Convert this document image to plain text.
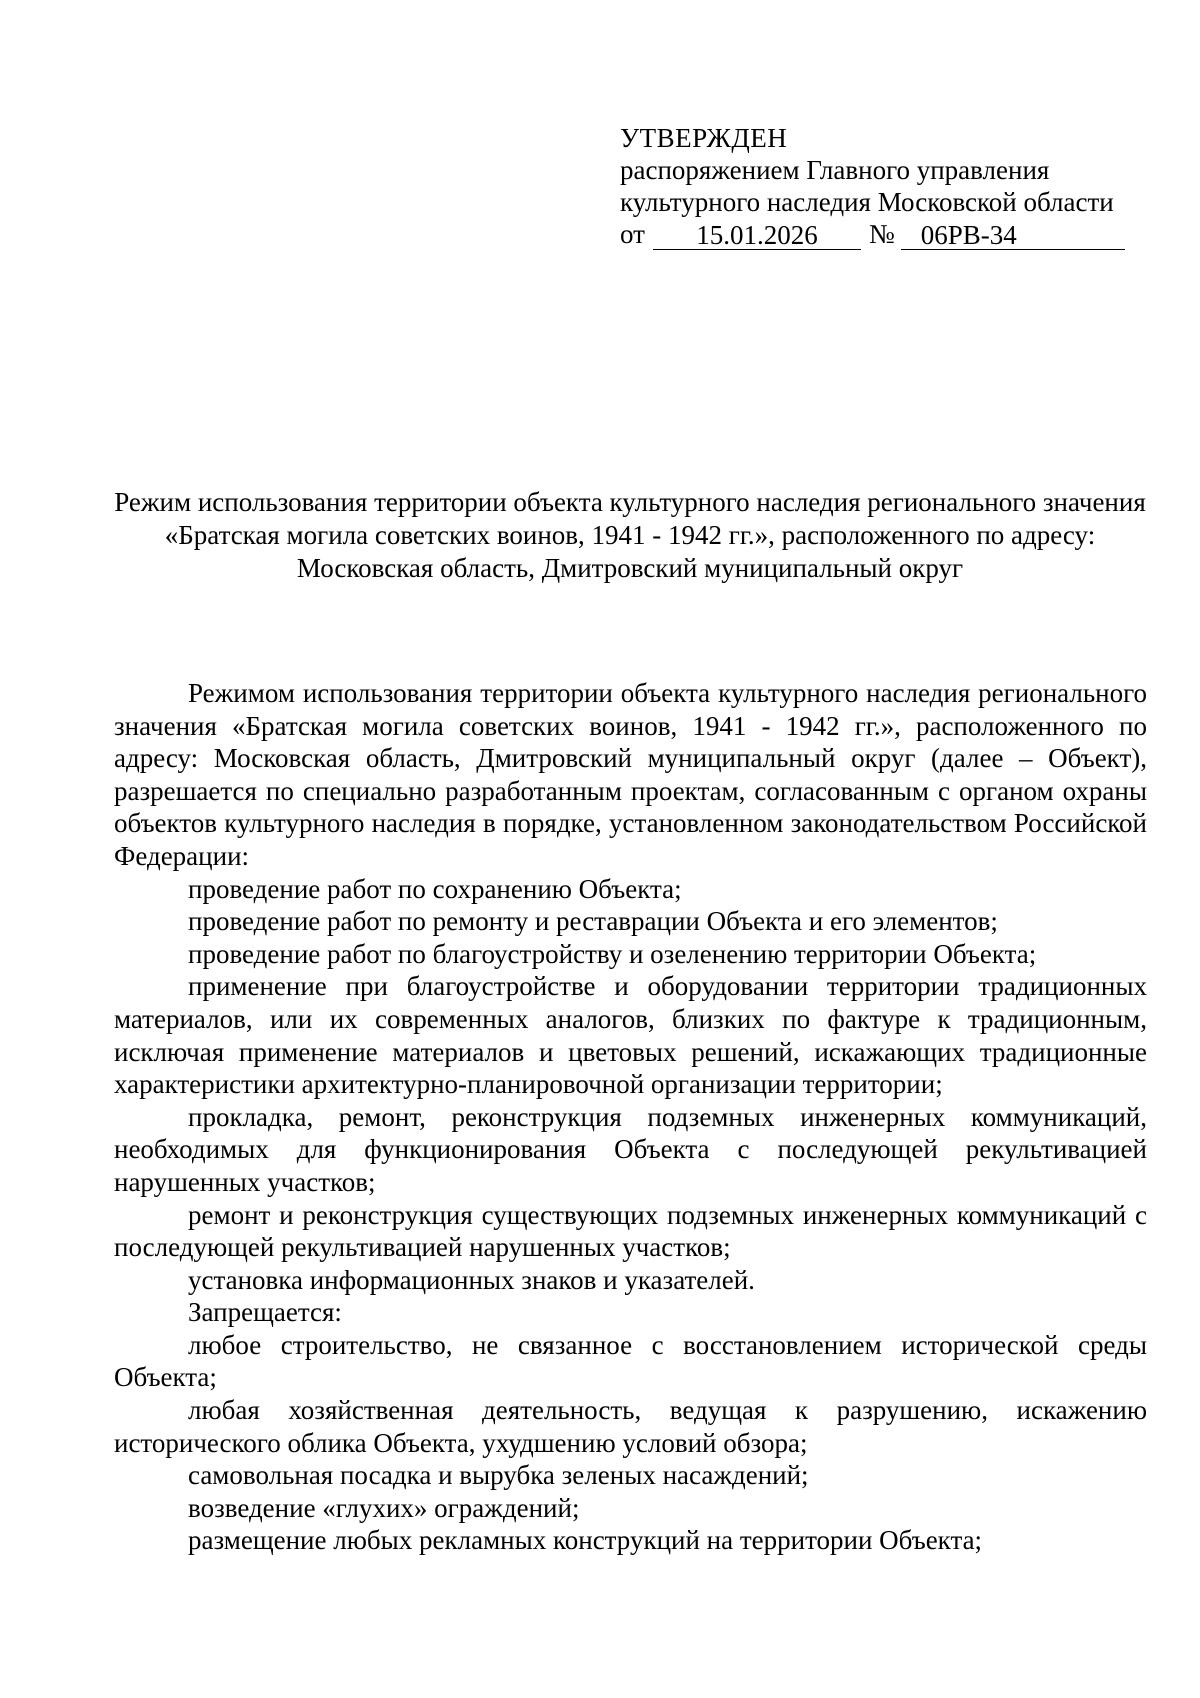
УТВЕРЖДЕН
распоряжением Главного управления
культурного наследия Московской области
от	15.01.2026	№ 06РВ-34
Режим использования территории объекта культурного наследия регионального значения «Братская могила советских воинов, 1941 - 1942 гг.», расположенного по адресу: Московская область, Дмитровский муниципальный округ

Режимом использования территории объекта культурного наследия регионального значения «Братская могила советских воинов, 1941 - 1942 гг.», расположенного по адресу: Московская область, Дмитровский муниципальный округ (далее – Объект), разрешается по специально разработанным проектам, согласованным с органом охраны объектов культурного наследия в порядке, установленном законодательством Российской Федерации:

проведение работ по сохранению Объекта;

проведение работ по ремонту и реставрации Объекта и его элементов;

проведение работ по благоустройству и озеленению территории Объекта;

применение при благоустройстве и оборудовании территории традиционных материалов, или их современных аналогов, близких по фактуре к традиционным, исключая применение материалов и цветовых решений, искажающих традиционные характеристики архитектурно-планировочной организации территории;

прокладка, ремонт, реконструкция подземных инженерных коммуникаций, необходимых для функционирования Объекта с последующей рекультивацией нарушенных участков;

ремонт и реконструкция существующих подземных инженерных коммуникаций с последующей рекультивацией нарушенных участков;

установка информационных знаков и указателей.

Запрещается:

любое строительство, не связанное с восстановлением исторической среды Объекта;

любая хозяйственная деятельность, ведущая к разрушению, искажению исторического облика Объекта, ухудшению условий обзора;

самовольная посадка и вырубка зеленых насаждений;

возведение «глухих» ограждений;

размещение любых рекламных конструкций на территории Объекта;
